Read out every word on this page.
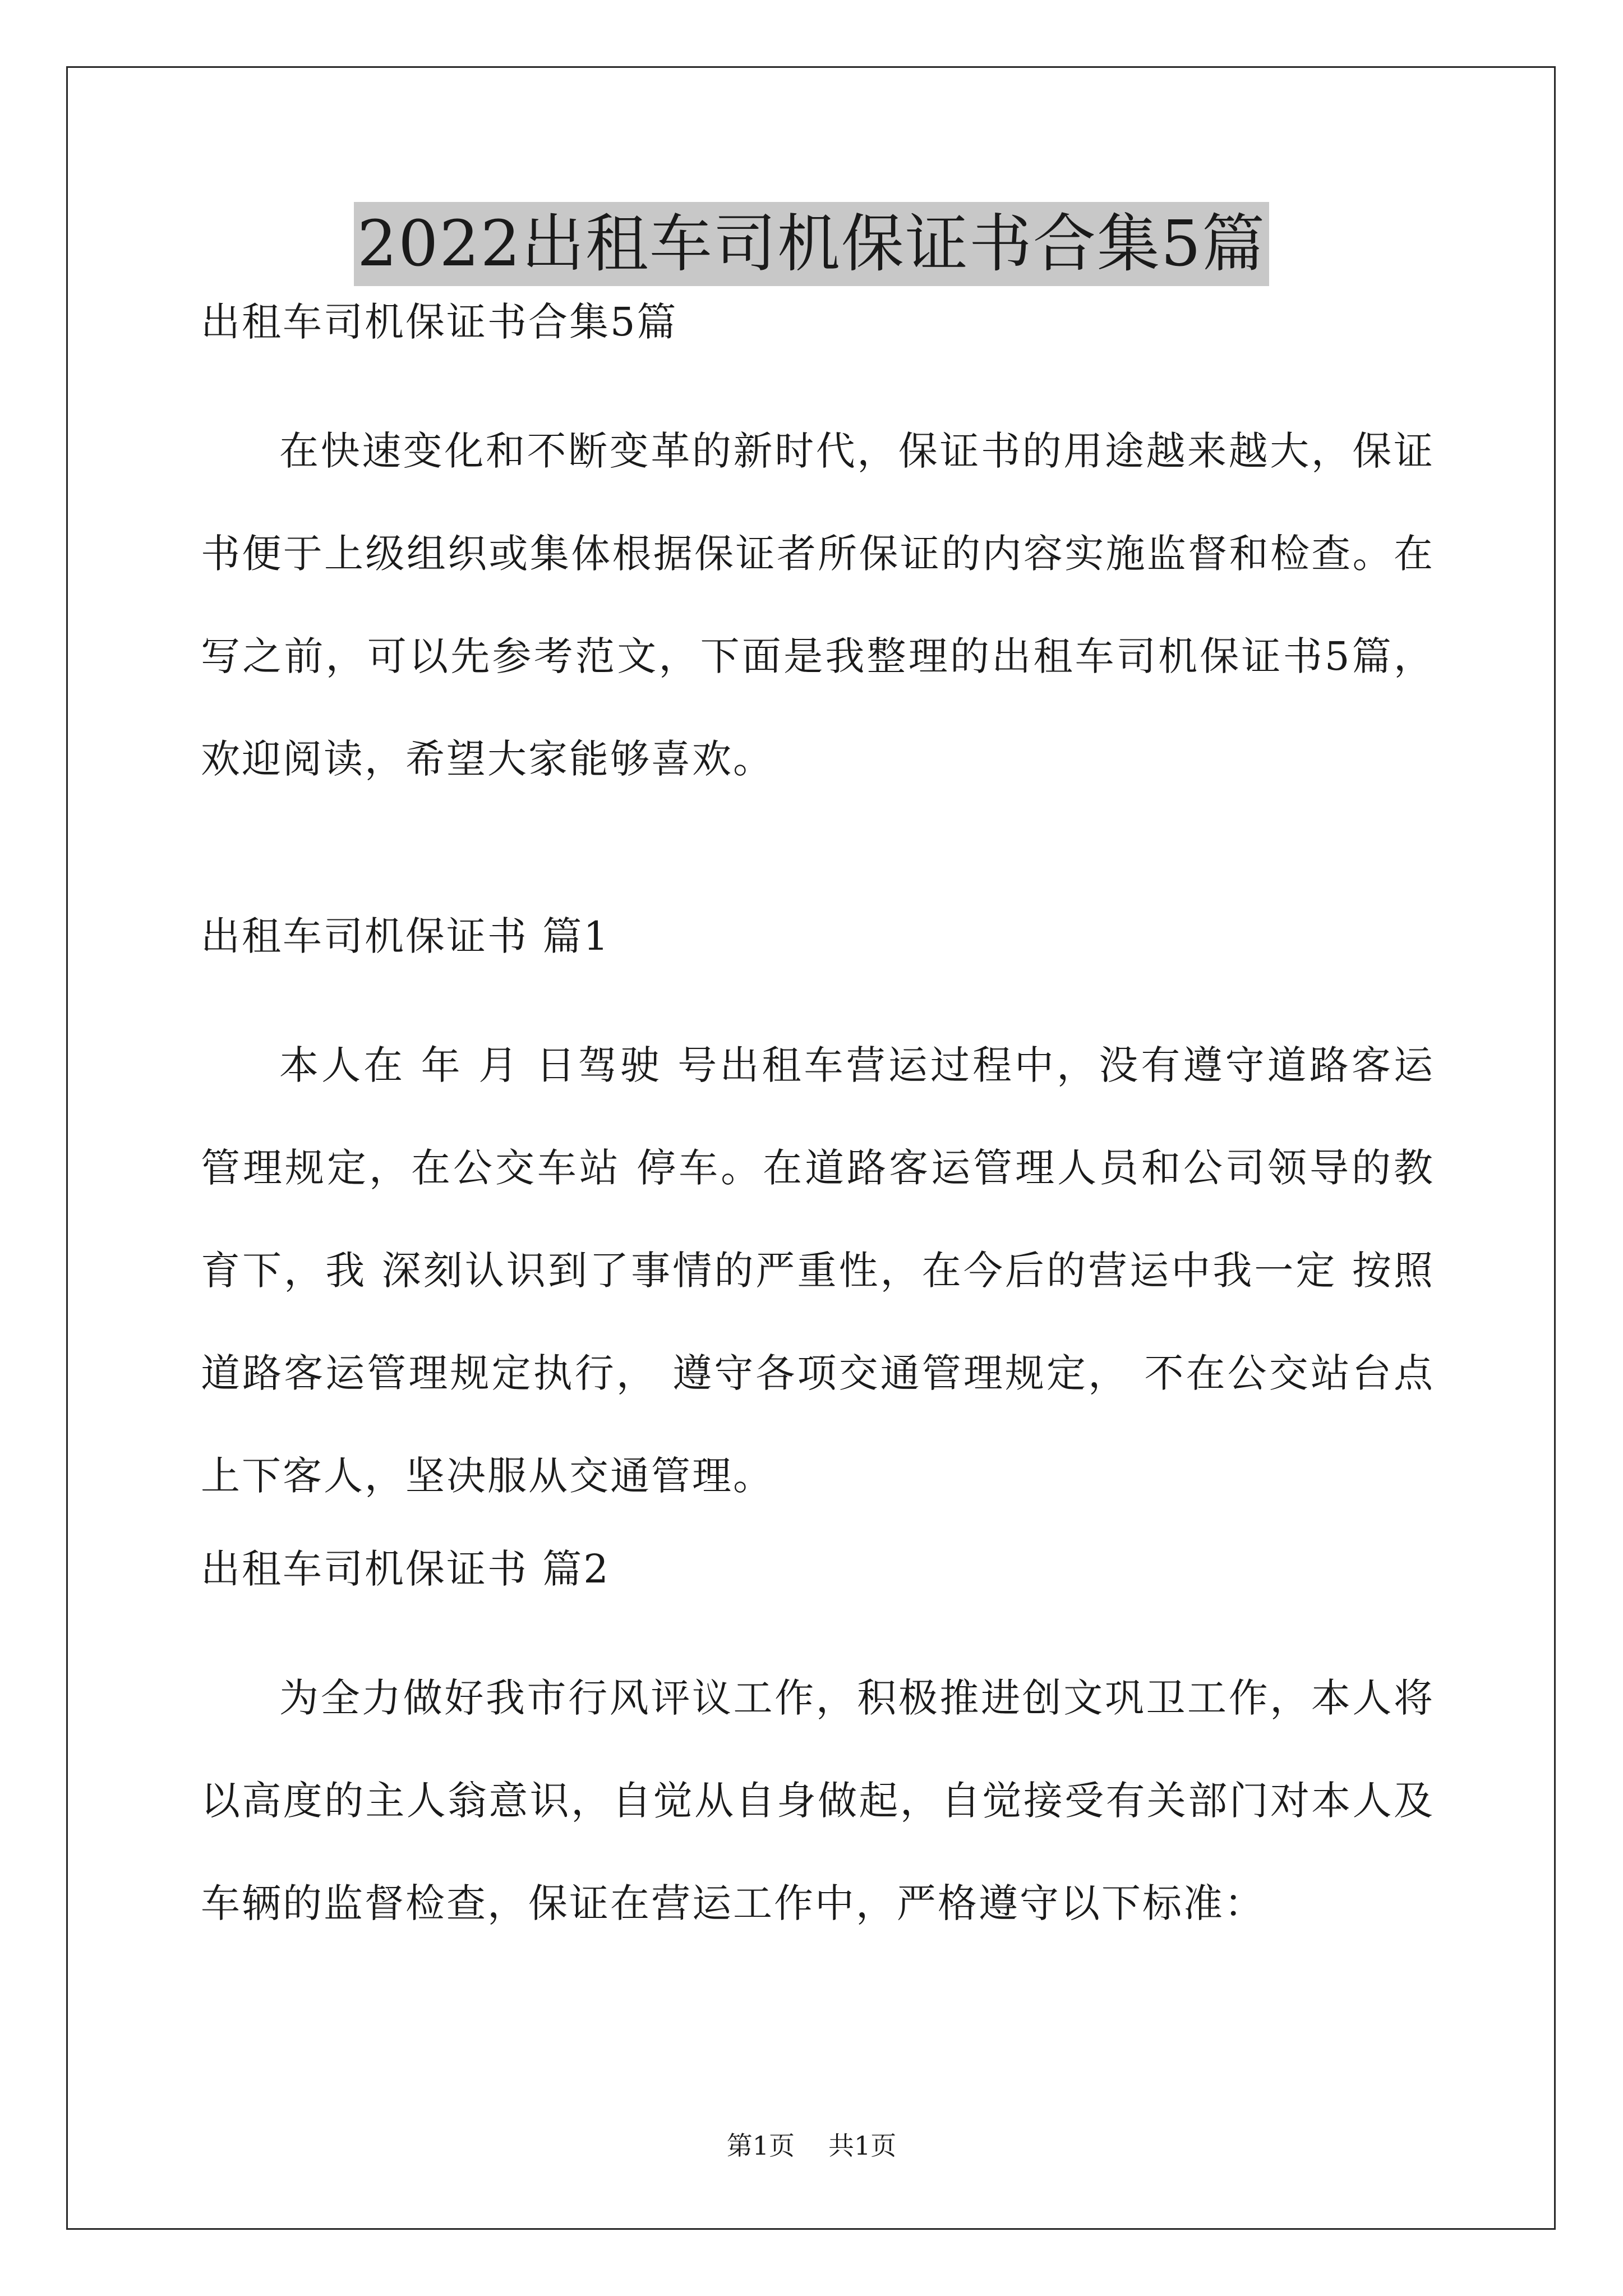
2022出租车司机保证书合集5篇
出租车司机保证书合集5篇

在快速变化和不断变革的新时代，保证书的用途越来越大，保证书便于上级组织或集体根据保证者所保证的内容实施监督和检查。在写之前，可以先参考范文，下面是我整理的出租车司机保证书5篇，欢迎阅读，希望大家能够喜欢。

出租车司机保证书 篇1

本人在 年 月 日驾驶 号出租车营运过程中，没有遵守道路客运管理规定，在公交车站 停车。在道路客运管理人员和公司领导的教育下，我 深刻认识到了事情的严重性，在今后的营运中我一定 按照道路客运管理规定执行， 遵守各项交通管理规定， 不在公交站台点上下客人，坚决服从交通管理。

出租车司机保证书 篇2

为全力做好我市行风评议工作，积极推进创文巩卫工作，本人将以高度的主人翁意识，自觉从自身做起，自觉接受有关部门对本人及车辆的监督检查，保证在营运工作中，严格遵守以下标准：

第1页 共1页
